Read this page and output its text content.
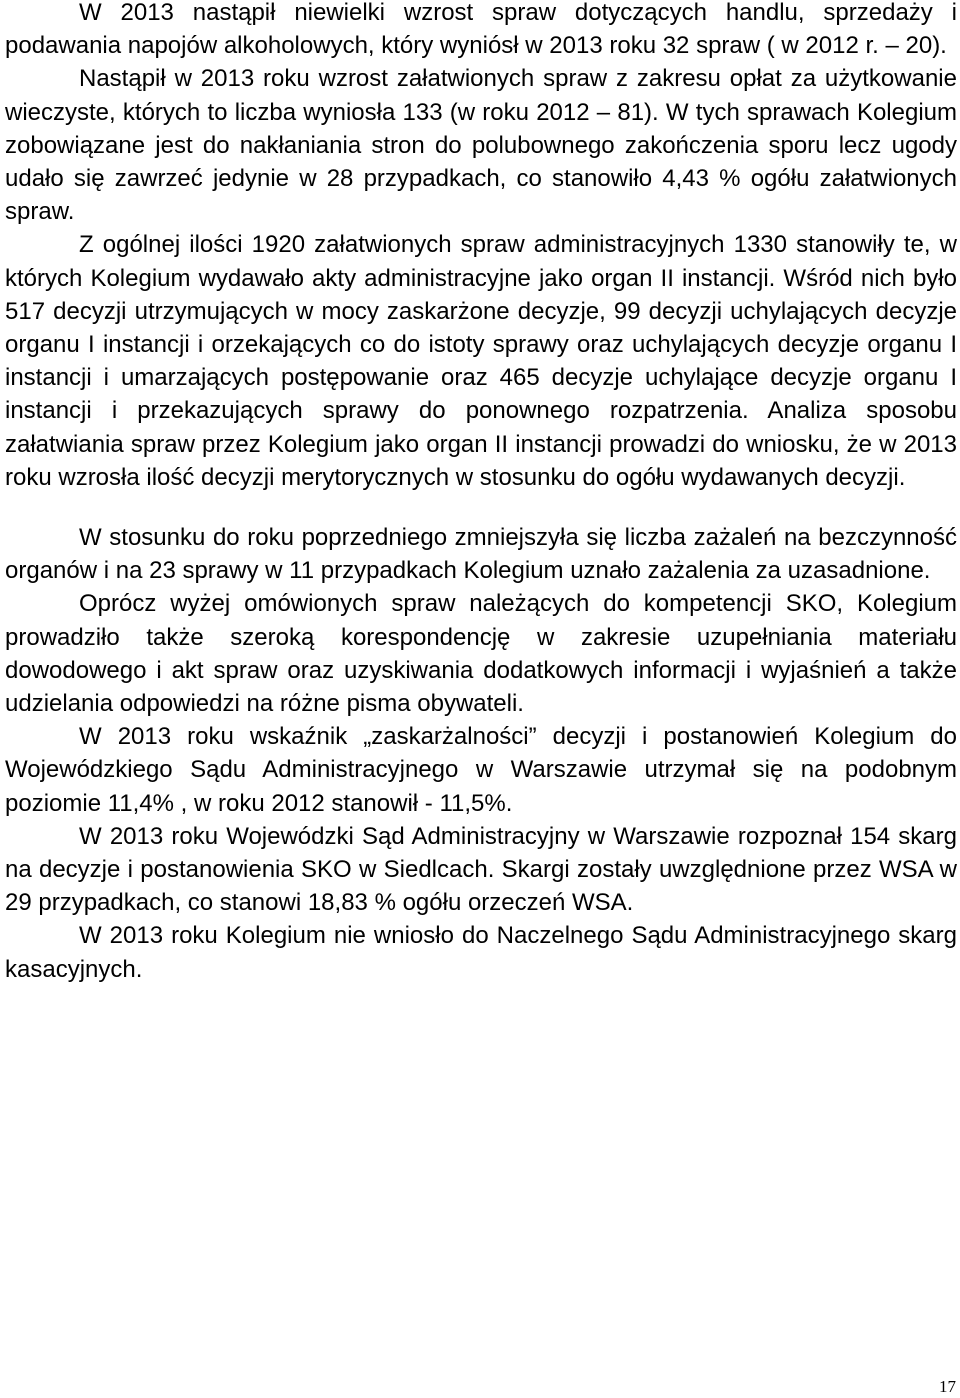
W 2013 nastąpił niewielki wzrost spraw dotyczących handlu, sprzedaży i podawania napojów alkoholowych, który wyniósł w 2013 roku 32 spraw ( w 2012 r. – 20).

Nastąpił w 2013 roku wzrost załatwionych spraw z zakresu opłat za użytkowanie wieczyste, których to liczba wyniosła 133 (w roku 2012 – 81). W tych sprawach Kolegium zobowiązane jest do nakłaniania stron do polubownego zakończenia sporu lecz ugody udało się zawrzeć jedynie w 28 przypadkach, co stanowiło 4,43 % ogółu załatwionych spraw.

Z ogólnej ilości 1920 załatwionych spraw administracyjnych 1330 stanowiły te, w których Kolegium wydawało akty administracyjne jako organ II instancji. Wśród nich było 517 decyzji utrzymujących w mocy zaskarżone decyzje, 99 decyzji uchylających decyzje organu I instancji i orzekających co do istoty sprawy oraz uchylających decyzje organu I instancji i umarzających postępowanie oraz 465 decyzje uchylające decyzje organu I instancji i przekazujących sprawy do ponownego rozpatrzenia. Analiza sposobu załatwiania spraw przez Kolegium jako organ II instancji prowadzi do wniosku, że w 2013 roku wzrosła ilość decyzji merytorycznych w stosunku do ogółu wydawanych decyzji.

W stosunku do roku poprzedniego zmniejszyła się liczba zażaleń na bezczynność organów i na 23 sprawy w 11 przypadkach Kolegium uznało zażalenia za uzasadnione.

Oprócz wyżej omówionych spraw należących do kompetencji SKO, Kolegium prowadziło także szeroką korespondencję w zakresie uzupełniania materiału dowodowego i akt spraw oraz uzyskiwania dodatkowych informacji i wyjaśnień a także udzielania odpowiedzi na różne pisma obywateli.

W 2013 roku wskaźnik „zaskarżalności” decyzji i postanowień Kolegium do Wojewódzkiego Sądu Administracyjnego w Warszawie utrzymał się na podobnym poziomie 11,4% , w roku 2012 stanowił - 11,5%.

W 2013 roku Wojewódzki Sąd Administracyjny w Warszawie rozpoznał 154 skarg na decyzje i postanowienia SKO w Siedlcach. Skargi zostały uwzględnione przez WSA w 29 przypadkach, co stanowi 18,83 % ogółu orzeczeń WSA.

W 2013 roku Kolegium nie wniosło do Naczelnego Sądu Administracyjnego skarg kasacyjnych.

17
